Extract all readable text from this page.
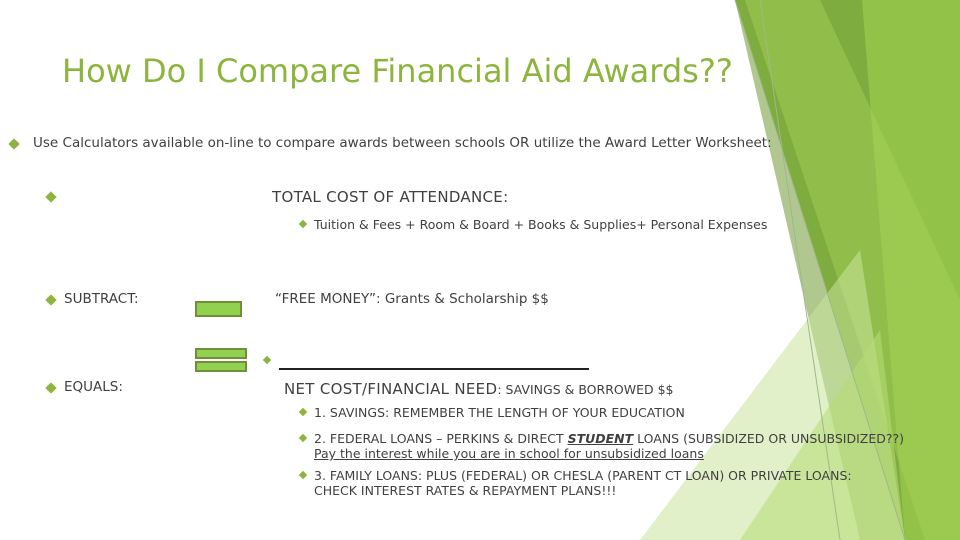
How Do I Compare Financial Aid Awards??
Use Calculators available on-line to compare awards between schools OR utilize the Award Letter Worksheet:
TOTAL COST OF ATTENDANCE:
Tuition & Fees + Room & Board + Books & Supplies+ Personal Expenses
SUBTRACT:	“FREE MONEY”: Grants & Scholarship $$
EQUALS:	NET COST/FINANCIAL NEED: SAVINGS & BORROWED $$
1. SAVINGS: REMEMBER THE LENGTH OF YOUR EDUCATION
2. FEDERAL LOANS – PERKINS & DIRECT STUDENT LOANS (SUBSIDIZED OR UNSUBSIDIZED??)
Pay the interest while you are in school for unsubsidized loans
3. FAMILY LOANS: PLUS (FEDERAL) OR CHESLA (PARENT CT LOAN) OR PRIVATE LOANS:
CHECK INTEREST RATES & REPAYMENT PLANS!!!
